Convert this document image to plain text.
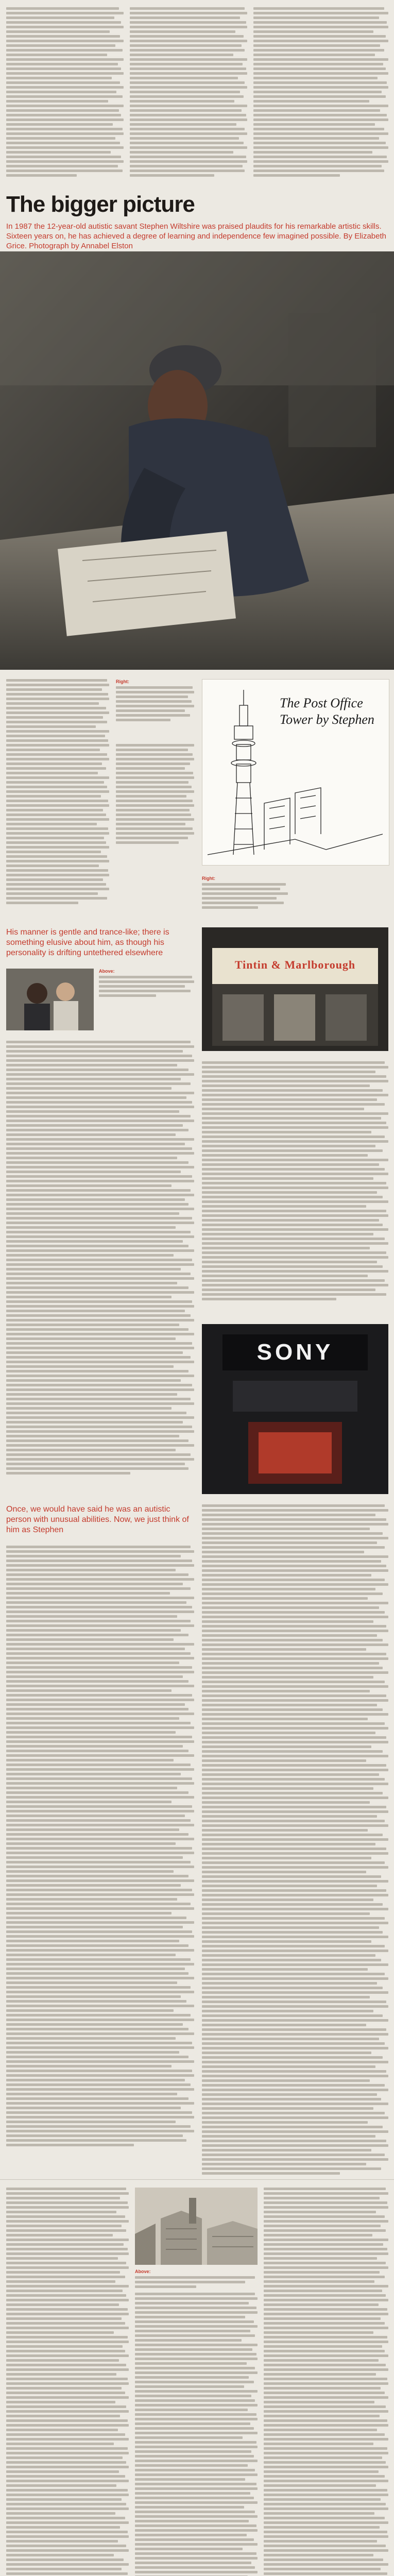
The bigger picture
In 1987 the 12-year-old autistic savant Stephen Wiltshire was praised plaudits for his remarkable artistic skills. Sixteen years on, he has achieved a degree of learning and independence few imagined possible. By Elizabeth Grice. Photograph by Annabel Elston
Right:
The Post Office Tower by Stephen
His manner is gentle and trance-like; there is something elusive about him, as though his personality is drifting untethered elsewhere
Above:
Right:
Tintin & Marlborough
SONY
Once, we would have said he was an autistic person with unusual abilities. Now, we just think of him as Stephen
Above:
